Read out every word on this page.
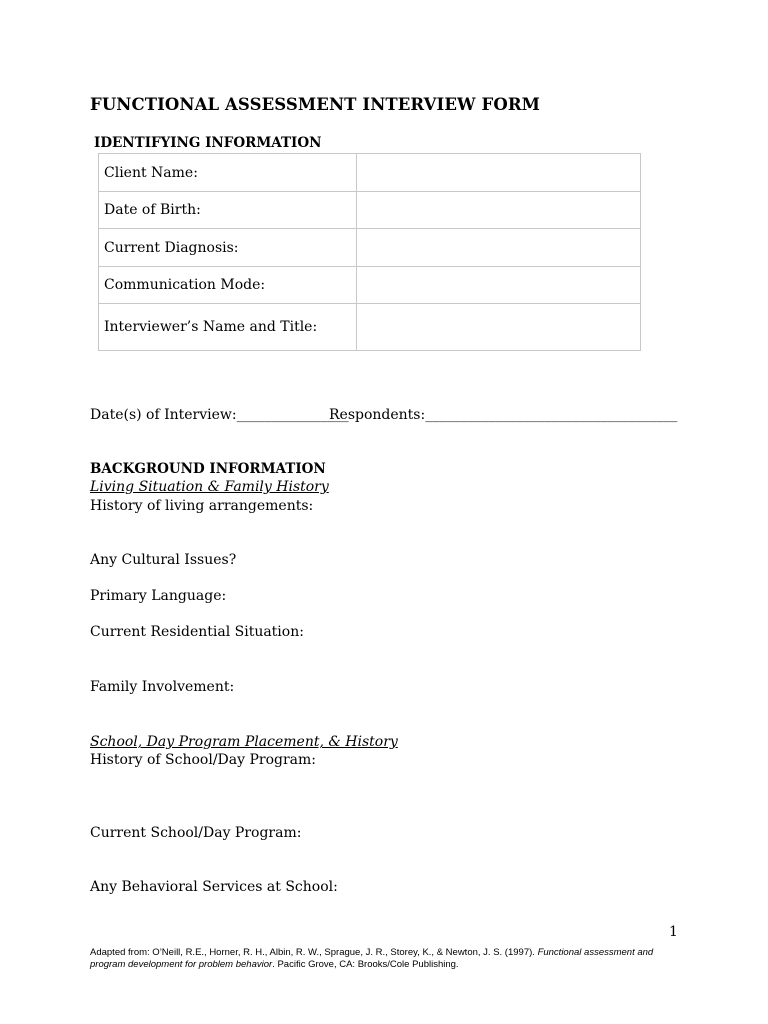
FUNCTIONAL ASSESSMENT INTERVIEW FORM
IDENTIFYING INFORMATION
Client Name:	
Date of Birth:	
Current Diagnosis:	
Communication Mode:	
Interviewer’s Name and Title:	
Date(s) of Interview:________________
Respondents:____________________________________
BACKGROUND INFORMATION
Living Situation & Family History
History of living arrangements:
Any Cultural Issues?
Primary Language:
Current Residential Situation:
Family Involvement:
School, Day Program Placement, & History
History of School/Day Program:
Current School/Day Program:
Any Behavioral Services at School:
1
Adapted from: O’Neill, R.E., Horner, R. H., Albin, R. W., Sprague, J. R., Storey, K., & Newton, J. S. (1997). Functional assessment and program development for problem behavior. Pacific Grove, CA: Brooks/Cole Publishing.
